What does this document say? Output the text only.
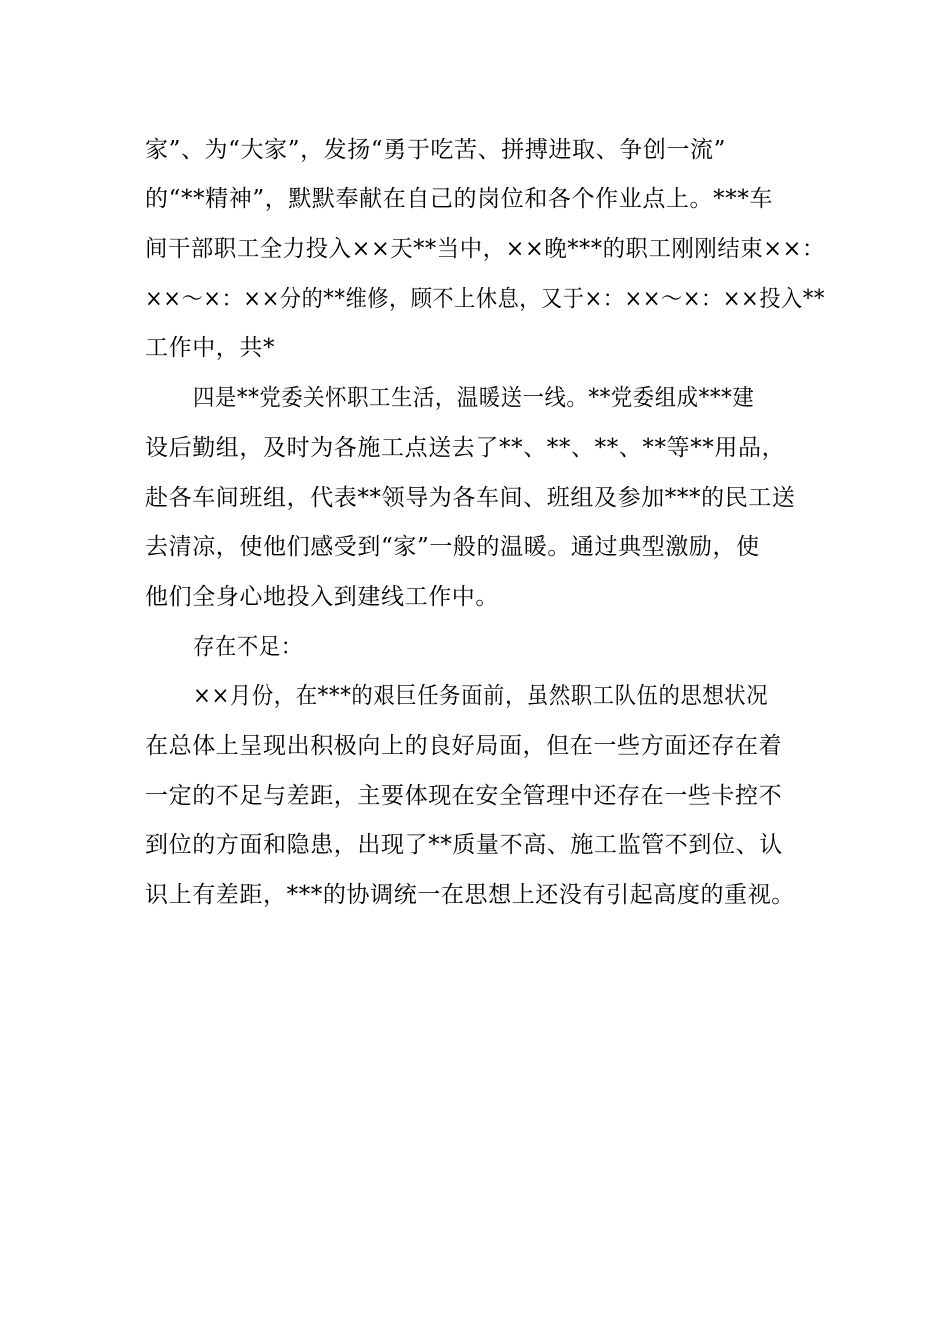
家”、为“大家”，发扬“勇于吃苦、拼搏进取、争创一流”
的“**精神”，默默奉献在自己的岗位和各个作业点上。***车
间干部职工全力投入××天**当中，××晚***的职工刚刚结束××：
××～×：××分的**维修，顾不上休息，又于×：××～×：××投入**
工作中，共*
四是**党委关怀职工生活，温暖送一线。**党委组成***建
设后勤组，及时为各施工点送去了**、**、**、**等**用品，
赴各车间班组，代表**领导为各车间、班组及参加***的民工送
去清凉，使他们感受到“家”一般的温暖。通过典型激励，使
他们全身心地投入到建线工作中。
存在不足：
××月份，在***的艰巨任务面前，虽然职工队伍的思想状况
在总体上呈现出积极向上的良好局面，但在一些方面还存在着
一定的不足与差距，主要体现在安全管理中还存在一些卡控不
到位的方面和隐患，出现了**质量不高、施工监管不到位、认
识上有差距，***的协调统一在思想上还没有引起高度的重视。
